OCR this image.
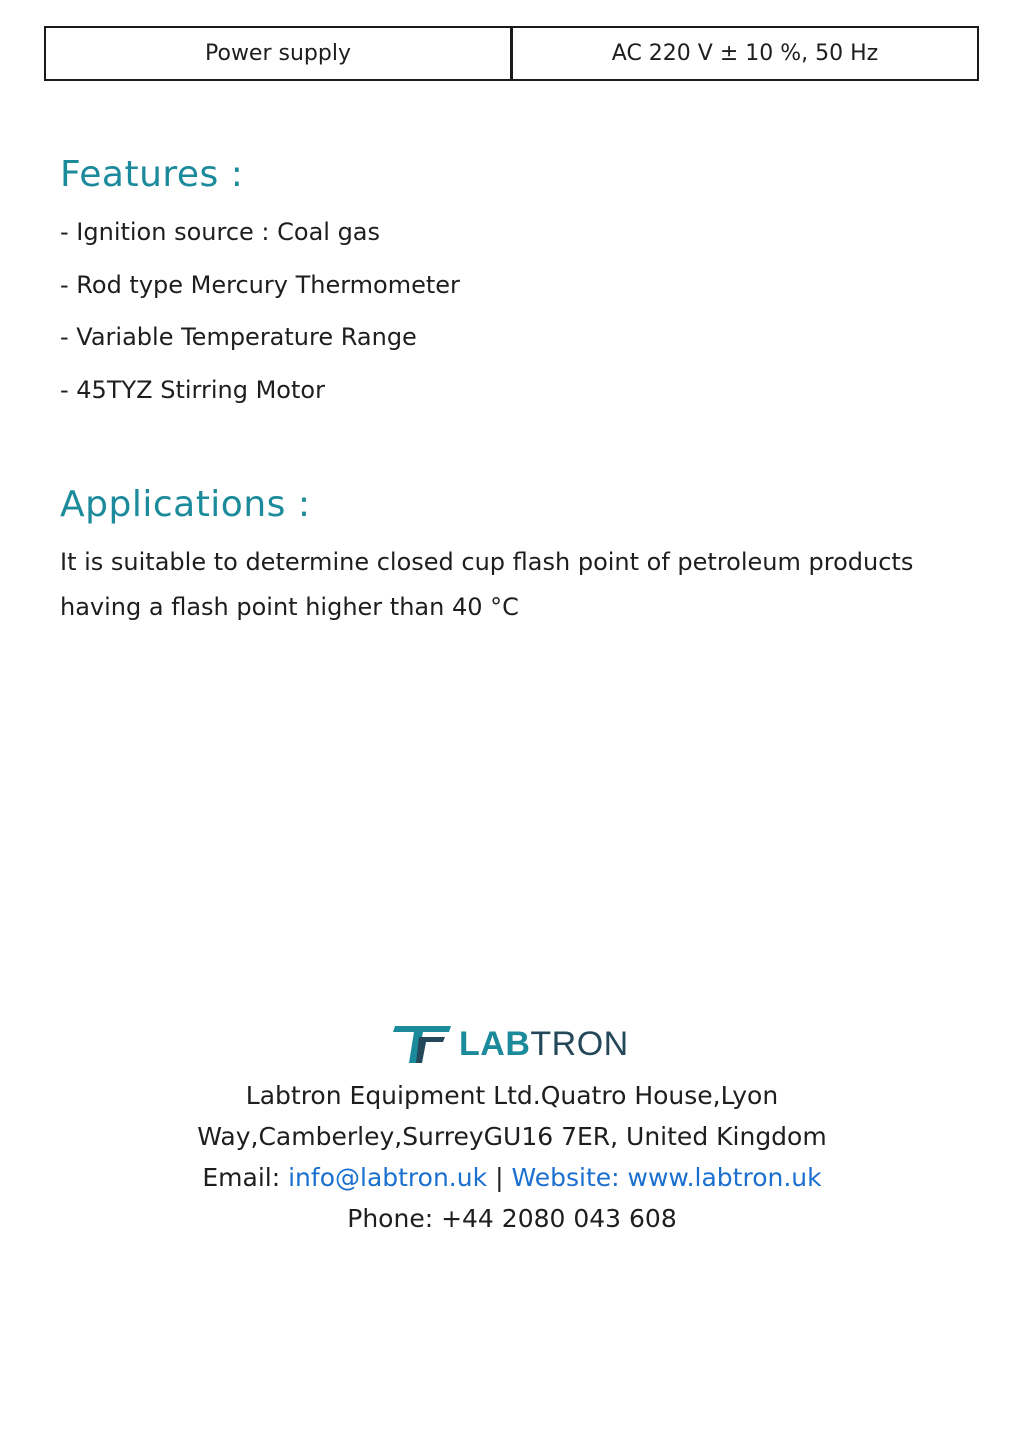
Power supply	AC 220 V ± 10 %, 50 Hz
Features :

- Ignition source : Coal gas

- Rod type Mercury Thermometer

- Variable Temperature Range

- 45TYZ Stirring Motor

Applications :

It is suitable to determine closed cup flash point of petroleum products having a flash point higher than 40 °C

LABTRON

Labtron Equipment Ltd.Quatro House,Lyon

Way,Camberley,SurreyGU16 7ER, United Kingdom

Email: info@labtron.uk | Website: www.labtron.uk

Phone: +44 2080 043 608
